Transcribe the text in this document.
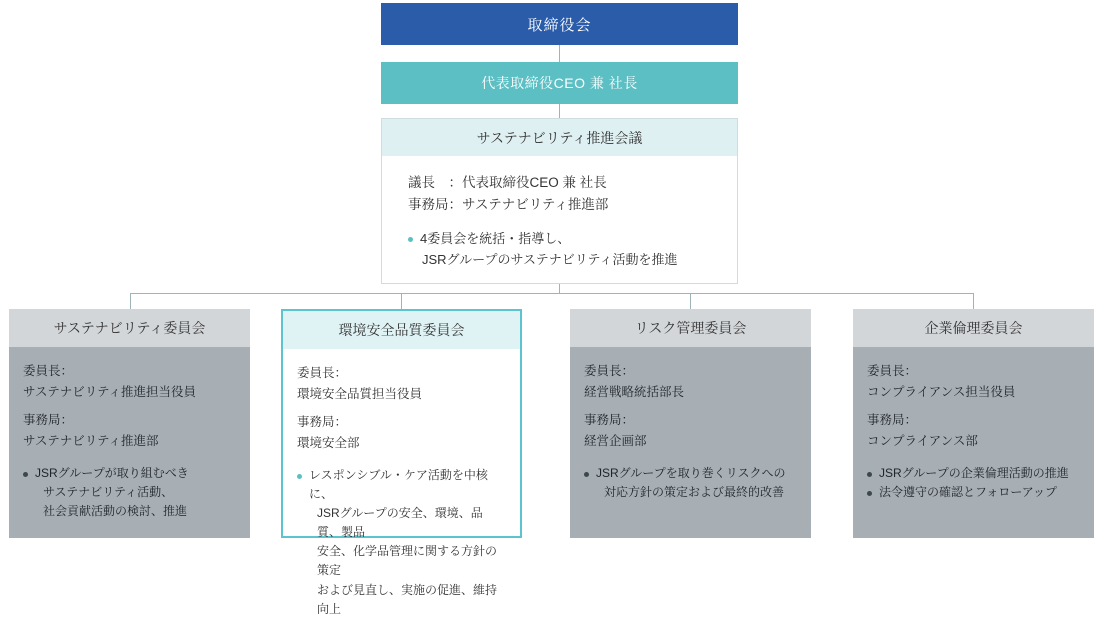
取締役会
代表取締役CEO 兼 社長
サステナビリティ推進会議
議長　：代表取締役CEO 兼 社長
事務局：サステナビリティ推進部
4委員会を統括・指導し、
JSRグループのサステナビリティ活動を推進
サステナビリティ委員会
委員長：
サステナビリティ推進担当役員
事務局：
サステナビリティ推進部
JSRグループが取り組むべき
サステナビリティ活動、
社会貢献活動の検討、推進
環境安全品質委員会
委員長：
環境安全品質担当役員
事務局：
環境安全部
レスポンシブル・ケア活動を中核に、
JSRグループの安全、環境、品質、製品
安全、化学品管理に関する方針の策定
および見直し、実施の促進、維持向上
リスク管理委員会
委員長：
経営戦略統括部長
事務局：
経営企画部
JSRグループを取り巻くリスクへの
対応方針の策定および最終的改善
企業倫理委員会
委員長：
コンプライアンス担当役員
事務局：
コンプライアンス部
JSRグループの企業倫理活動の推進
法令遵守の確認とフォローアップ
